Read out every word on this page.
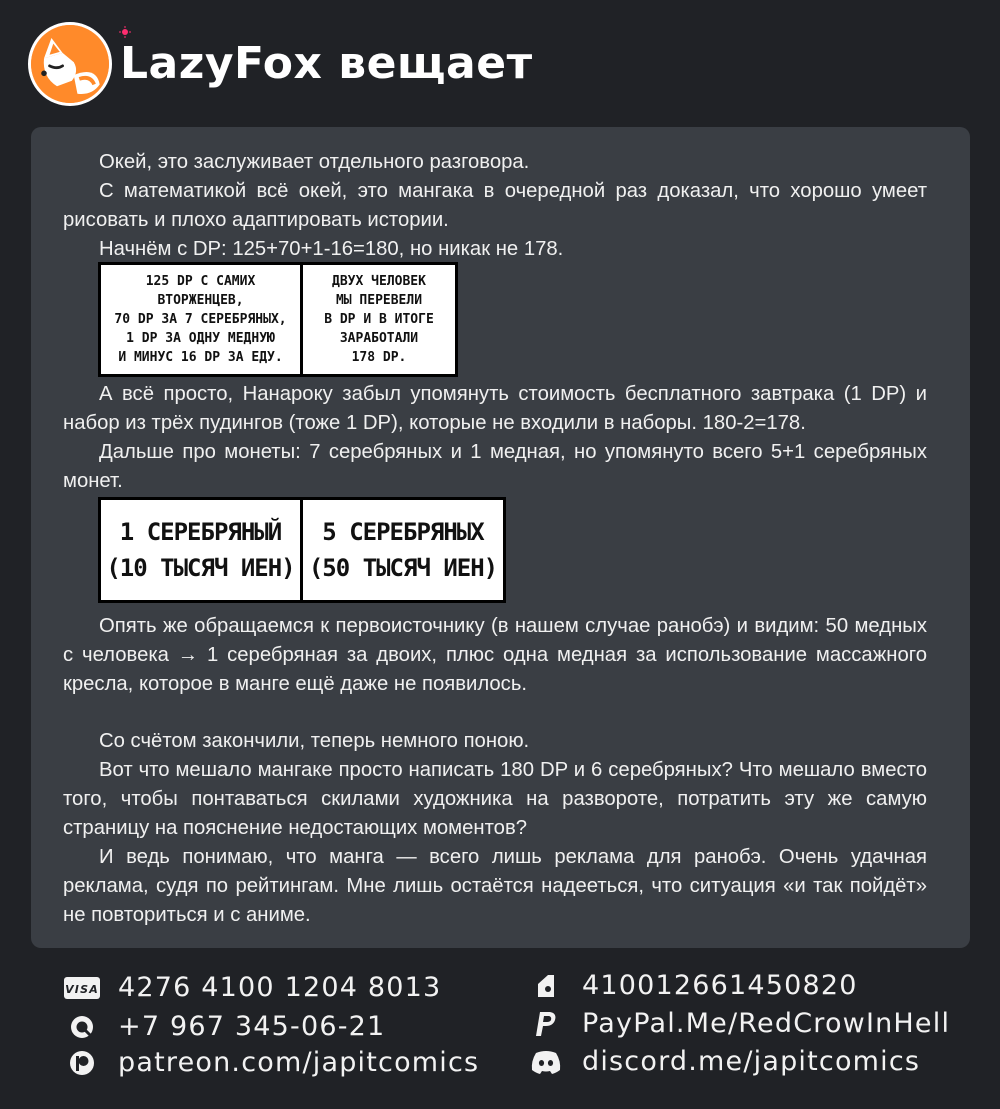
LazyFox вещает

Окей, это заслуживает отдельного разговора.

С математикой всё окей, это мангака в очередной раз доказал, что хорошо умеет рисовать и плохо адаптировать истории.

Начнём с DP: 125+70+1-16=180, но никак не 178.

125 DP С САМИХ
ВТОРЖЕНЦЕВ,
70 DP ЗА 7 СЕРЕБРЯНЫХ,
1 DP ЗА ОДНУ МЕДНУЮ
И МИНУС 16 DP ЗА ЕДУ.
ДВУХ ЧЕЛОВЕК
МЫ ПЕРЕВЕЛИ
В DP И В ИТОГЕ
ЗАРАБОТАЛИ
178 DP.

А всё просто, Нанароку забыл упомянуть стоимость бесплатного завтрака (1 DP) и набор из трёх пудингов (тоже 1 DP), которые не входили в наборы. 180-2=178.

Дальше про монеты: 7 серебряных и 1 медная, но упомянуто всего 5+1 серебряных монет.

1 СЕРЕБРЯНЫЙ
(10 ТЫСЯЧ ИЕН)
5 СЕРЕБРЯНЫХ
(50 ТЫСЯЧ ИЕН)

Опять же обращаемся к первоисточнику (в нашем случае ранобэ) и видим: 50 медных с человека → 1 серебряная за двоих, плюс одна медная за использование массажного кресла, которое в манге ещё даже не появилось.

Со счётом закончили, теперь немного поною.

Вот что мешало мангаке просто написать 180 DP и 6 серебряных? Что мешало вместо того, чтобы понтаваться скилами художника на развороте, потратить эту же самую страницу на пояснение недостающих моментов?

И ведь понимаю, что манга — всего лишь реклама для ранобэ. Очень удачная реклама, судя по рейтингам. Мне лишь остаётся надееться, что ситуация «и так пойдёт» не повториться и с аниме.

VISA 4276 4100 1204 8013
+7 967 345-06-21
patreon.com/japitcomics
410012661450820
PayPal.Me/RedCrowInHell
discord.me/japitcomics
